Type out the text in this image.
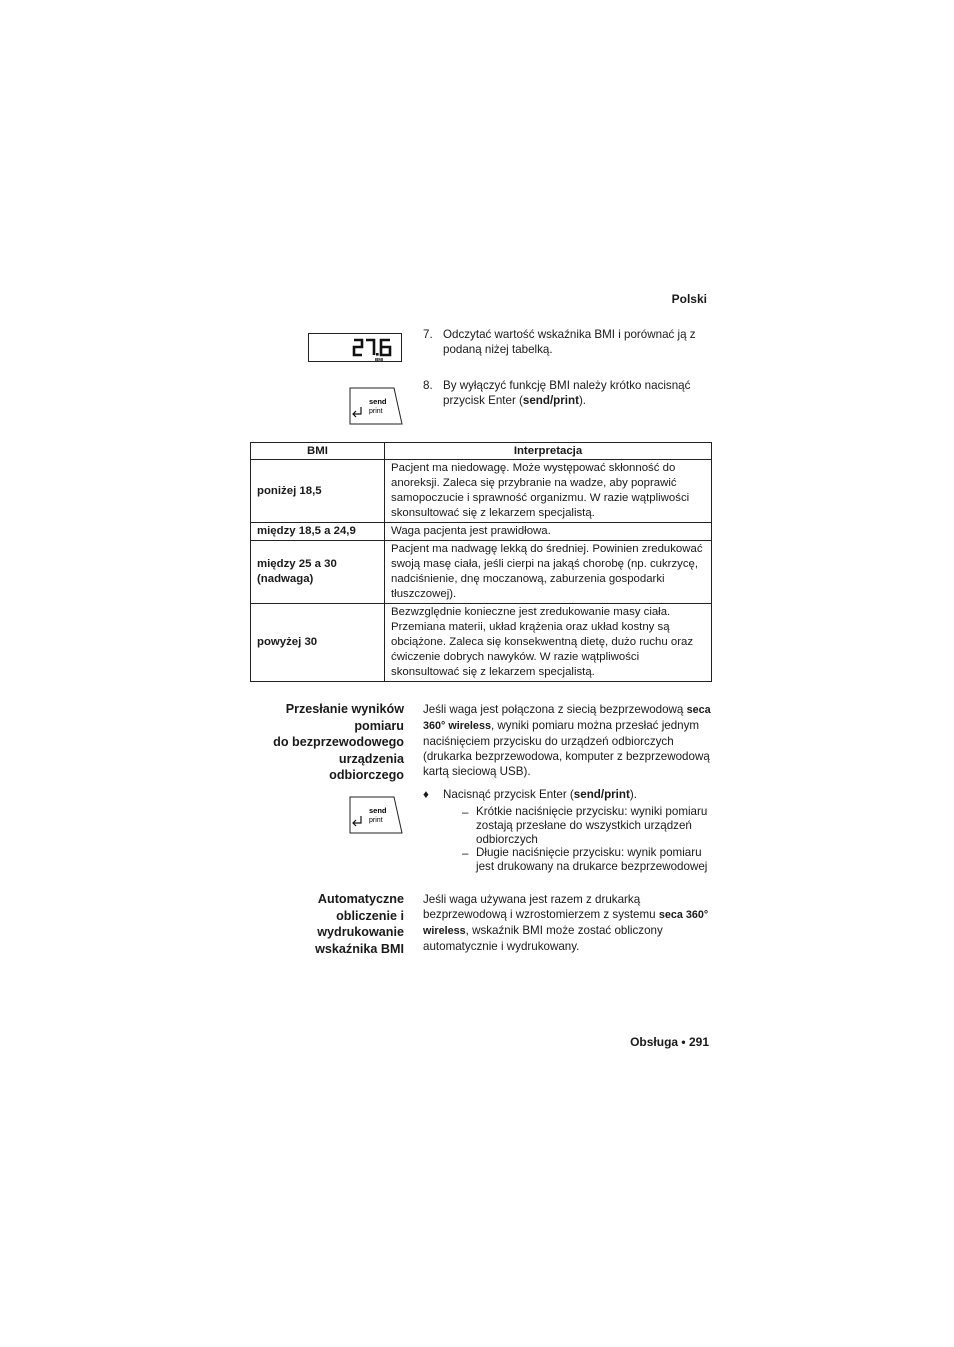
Polski
BMI
7. Odczytać wartość wskaźnika BMI i porównać ją z podaną niżej tabelką.
send
print
8. By wyłączyć funkcję BMI należy krótko nacisnąć przycisk Enter (send/print).
BMI	Interpretacja
poniżej 18,5	Pacjent ma niedowagę. Może występować skłonność do anoreksji. Zaleca się przybranie na wadze, aby poprawić samopoczucie i sprawność organizmu. W razie wątpliwości skonsultować się z lekarzem specjalistą.
między 18,5 a 24,9	Waga pacjenta jest prawidłowa.
między 25 a 30 (nadwaga)	Pacjent ma nadwagę lekką do średniej. Powinien zredukować swoją masę ciała, jeśli cierpi na jakąś chorobę (np. cukrzycę, nadciśnienie, dnę moczanową, zaburzenia gospodarki tłuszczowej).
powyżej 30	Bezwzględnie konieczne jest zredukowanie masy ciała. Przemiana materii, układ krążenia oraz układ kostny są obciążone. Zaleca się konsekwentną dietę, dużo ruchu oraz ćwiczenie dobrych nawyków. W razie wątpliwości skonsultować się z lekarzem specjalistą.
Przesłanie wyników
pomiaru
do bezprzewodowego
urządzenia
odbiorczego
Jeśli waga jest połączona z siecią bezprzewodową seca 360° wireless, wyniki pomiaru można przesłać jednym naciśnięciem przycisku do urządzeń odbiorczych (drukarka bezprzewodowa, komputer z bezprzewodową kartą sieciową USB).
send
print
♦ Nacisnąć przycisk Enter (send/print).
– Krótkie naciśnięcie przycisku: wyniki pomiaru zostają przesłane do wszystkich urządzeń odbiorczych
– Długie naciśnięcie przycisku: wynik pomiaru jest drukowany na drukarce bezprzewodowej
Automatyczne
obliczenie i
wydrukowanie
wskaźnika BMI
Jeśli waga używana jest razem z drukarką bezprzewodową i wzrostomierzem z systemu seca 360° wireless, wskaźnik BMI może zostać obliczony automatycznie i wydrukowany.
Obsługa • 291
